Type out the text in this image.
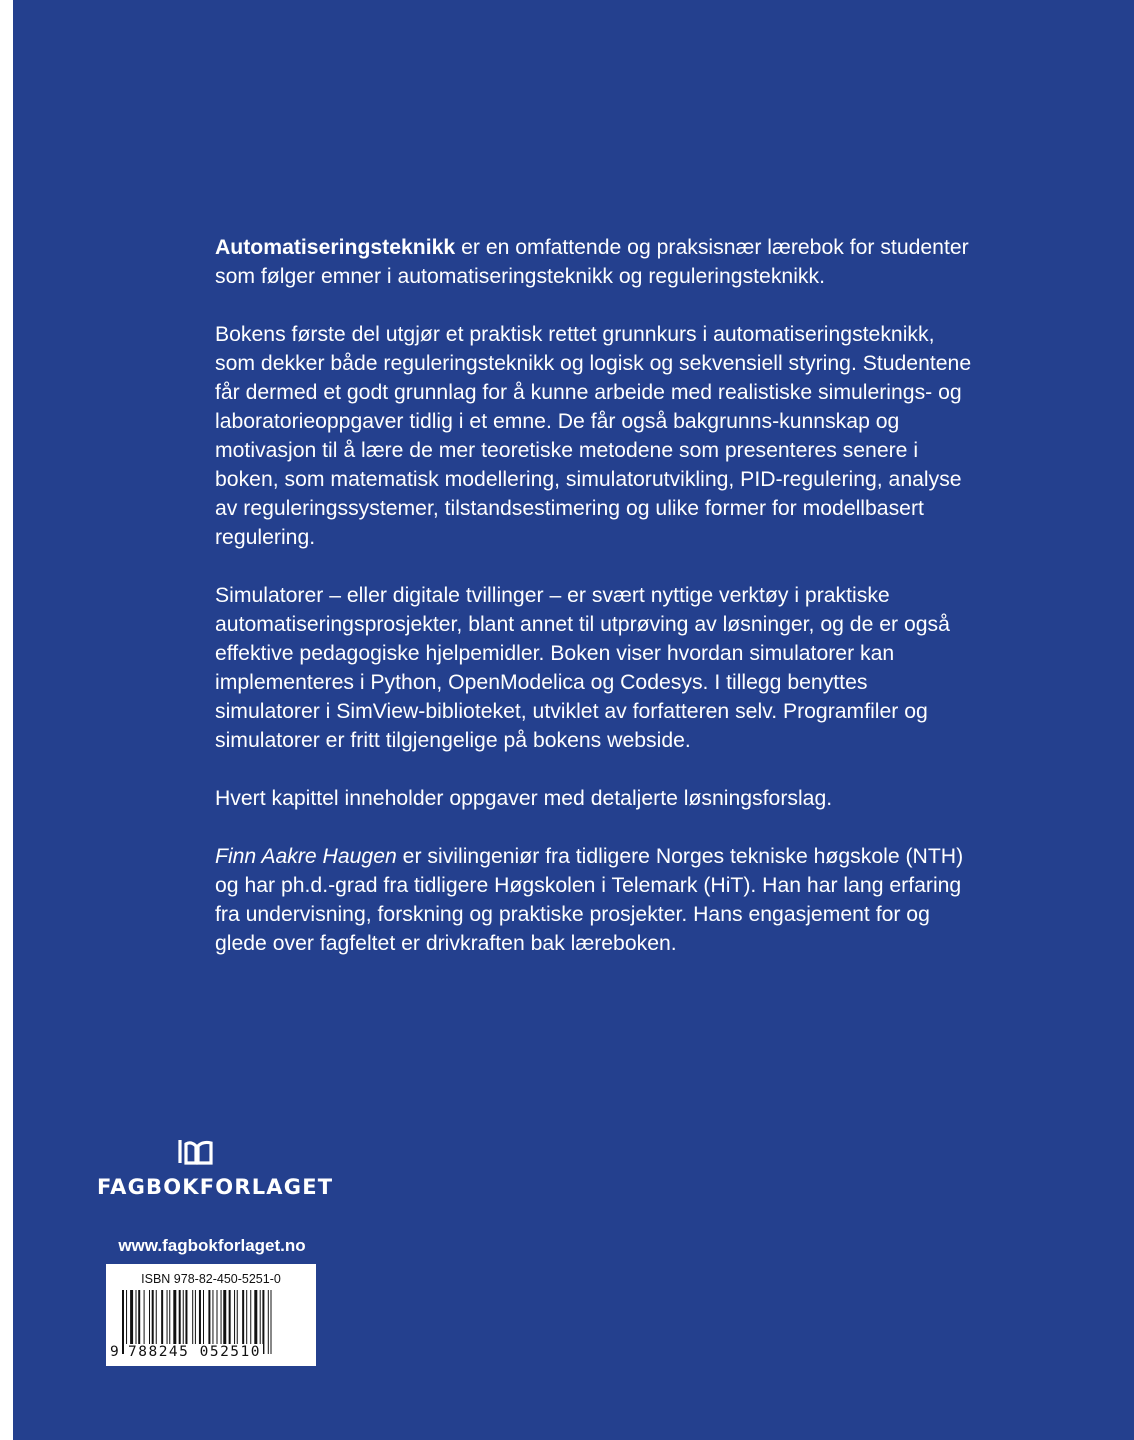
Automatiseringsteknikk er en omfattende og praksisnær lærebok for studenter som følger emner i automatiseringsteknikk og reguleringsteknikk.

Bokens første del utgjør et praktisk rettet grunnkurs i automatiseringsteknikk, som dekker både reguleringsteknikk og logisk og sekvensiell styring. Studentene får dermed et godt grunnlag for å kunne arbeide med realistiske simulerings- og laboratorieoppgaver tidlig i et emne. De får også bakgrunns-kunnskap og motivasjon til å lære de mer teoretiske metodene som presenteres senere i boken, som matematisk modellering, simulatorutvikling, PID-regulering, analyse av reguleringssystemer, tilstandsestimering og ulike former for modellbasert regulering.

Simulatorer – eller digitale tvillinger – er svært nyttige verktøy i praktiske automatiseringsprosjekter, blant annet til utprøving av løsninger, og de er også effektive pedagogiske hjelpemidler. Boken viser hvordan simulatorer kan implementeres i Python, OpenModelica og Codesys. I tillegg benyttes simulatorer i SimView-biblioteket, utviklet av forfatteren selv. Programfiler og simulatorer er fritt tilgjengelige på bokens webside.

Hvert kapittel inneholder oppgaver med detaljerte løsningsforslag.

Finn Aakre Haugen er sivilingeniør fra tidligere Norges tekniske høgskole (NTH) og har ph.d.-grad fra tidligere Høgskolen i Telemark (HiT). Han har lang erfaring fra undervisning, forskning og praktiske prosjekter. Hans engasjement for og glede over fagfeltet er drivkraften bak læreboken.

FAGBOKFORLAGET
www.fagbokforlaget.no
ISBN 978-82-450-5251-0
9 788245 052510
